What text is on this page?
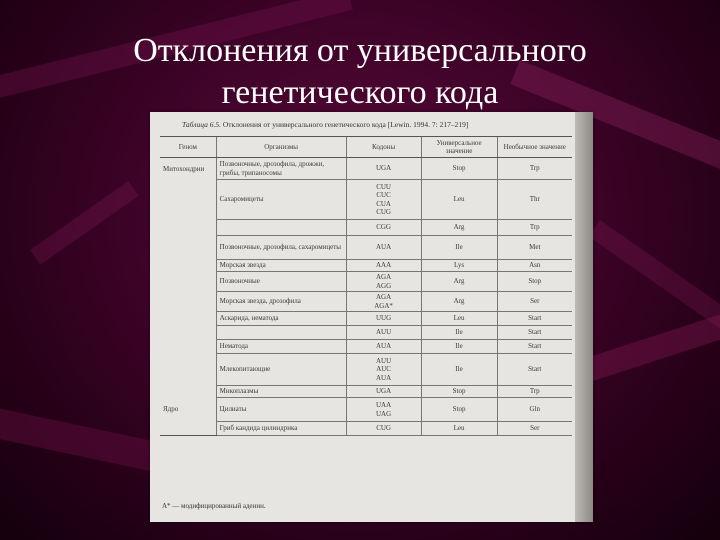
Отклонения от универсального
генетического кода
Таблица 6.5. Отклонения от универсального генетического кода [Lewin. 1994. 7: 217–219]
Геном	Организмы	Кодоны	Универсальное значение	Необычное значение
Митохондрии	Позвоночные, дрозофила, дрожжи, грибы, трипаносомы	UGA	Stop	Trp
	Сахаромицеты	CUU
CUC
CUA
CUG	Leu	Thr

		CGG	Arg	Trp
	Позвоночные, дрозофила, сахаромицеты	AUA	Ile	Met
	Морская звезда	AAA	Lys	Asn
	Позвоночные	AGA
AGG	Arg	Stop
	Морская звезда, дрозофила	AGA
AGA*	Arg	Ser
	Аскарида, нематода	UUG	Leu	Start

		AUU	Ile	Start
	Нематода	AUA	Ile	Start
	Млекопитающие	AUU
AUC
AUA	Ile	Start
	Микоплазмы	UGA	Stop	Trp
Ядро	Цилиаты	UAA
UAG	Stop	Gln
	Гриб кандида цилиндрика	CUG	Leu	Ser
A* — модифицированный аденин.
